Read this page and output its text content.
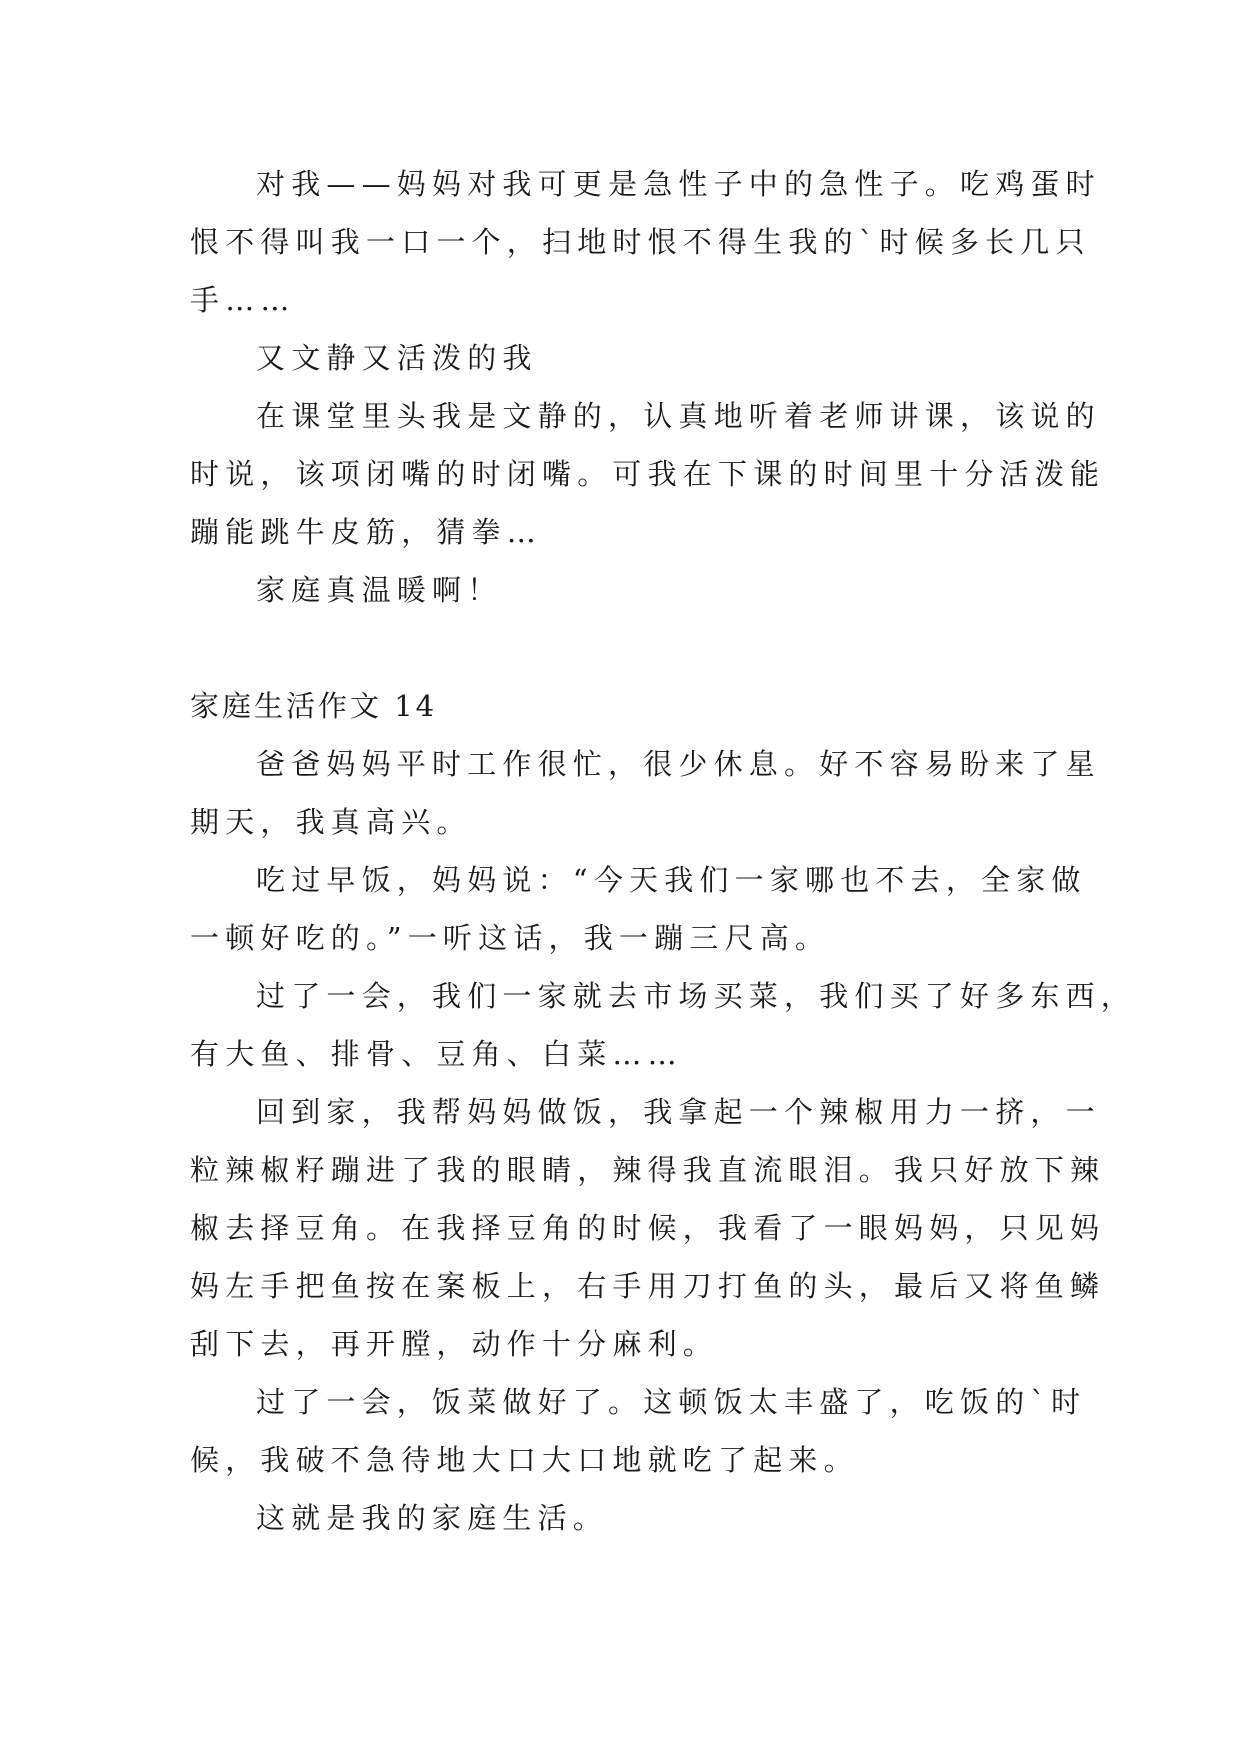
对我——妈妈对我可更是急性子中的急性子。吃鸡蛋时
恨不得叫我一口一个，扫地时恨不得生我的`时候多长几只
手……
又文静又活泼的我
在课堂里头我是文静的，认真地听着老师讲课，该说的
时说，该项闭嘴的时闭嘴。可我在下课的时间里十分活泼能
蹦能跳牛皮筋，猜拳…
家庭真温暖啊！
家庭生活作文 14
爸爸妈妈平时工作很忙，很少休息。好不容易盼来了星
期天，我真高兴。
吃过早饭，妈妈说：“今天我们一家哪也不去，全家做
一顿好吃的。”一听这话，我一蹦三尺高。
过了一会，我们一家就去市场买菜，我们买了好多东西，
有大鱼、排骨、豆角、白菜……
回到家，我帮妈妈做饭，我拿起一个辣椒用力一挤，一
粒辣椒籽蹦进了我的眼睛，辣得我直流眼泪。我只好放下辣
椒去择豆角。在我择豆角的时候，我看了一眼妈妈，只见妈
妈左手把鱼按在案板上，右手用刀打鱼的头，最后又将鱼鳞
刮下去，再开膛，动作十分麻利。
过了一会，饭菜做好了。这顿饭太丰盛了，吃饭的`时
候，我破不急待地大口大口地就吃了起来。
这就是我的家庭生活。
